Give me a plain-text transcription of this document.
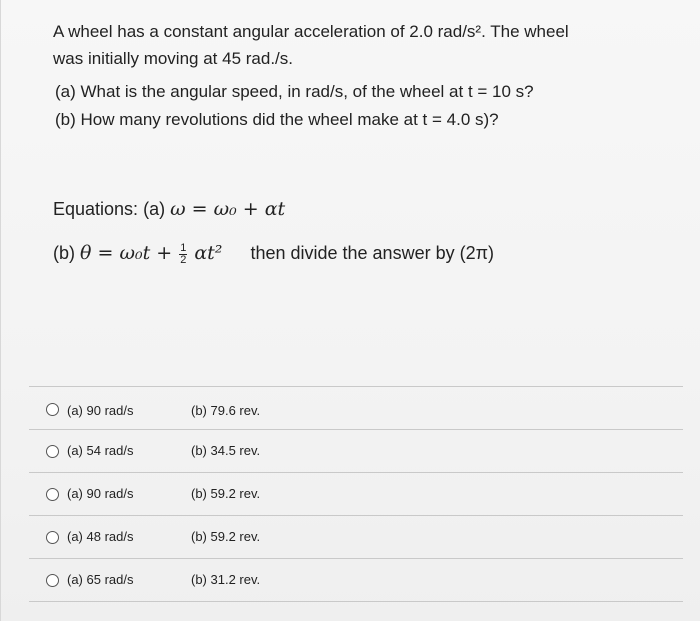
A wheel has a constant angular acceleration of 2.0 rad/s². The wheel
was initially moving at 45 rad./s.
(a) What is the angular speed, in rad/s, of the wheel at t = 10 s?
(b) How many revolutions did the wheel make at t = 4.0 s)?
Equations: (a) ω = ω₀ + αt
(b) $\theta = \omega_0t + \frac{1}{2} \alpha t^2$ then divide the answer by (2π)
(a) 90 rad/s	(b) 79.6 rev.
(a) 54 rad/s	(b) 34.5 rev.
(a) 90 rad/s	(b) 59.2 rev.
(a) 48 rad/s	(b) 59.2 rev.
(a) 65 rad/s	(b) 31.2 rev.
